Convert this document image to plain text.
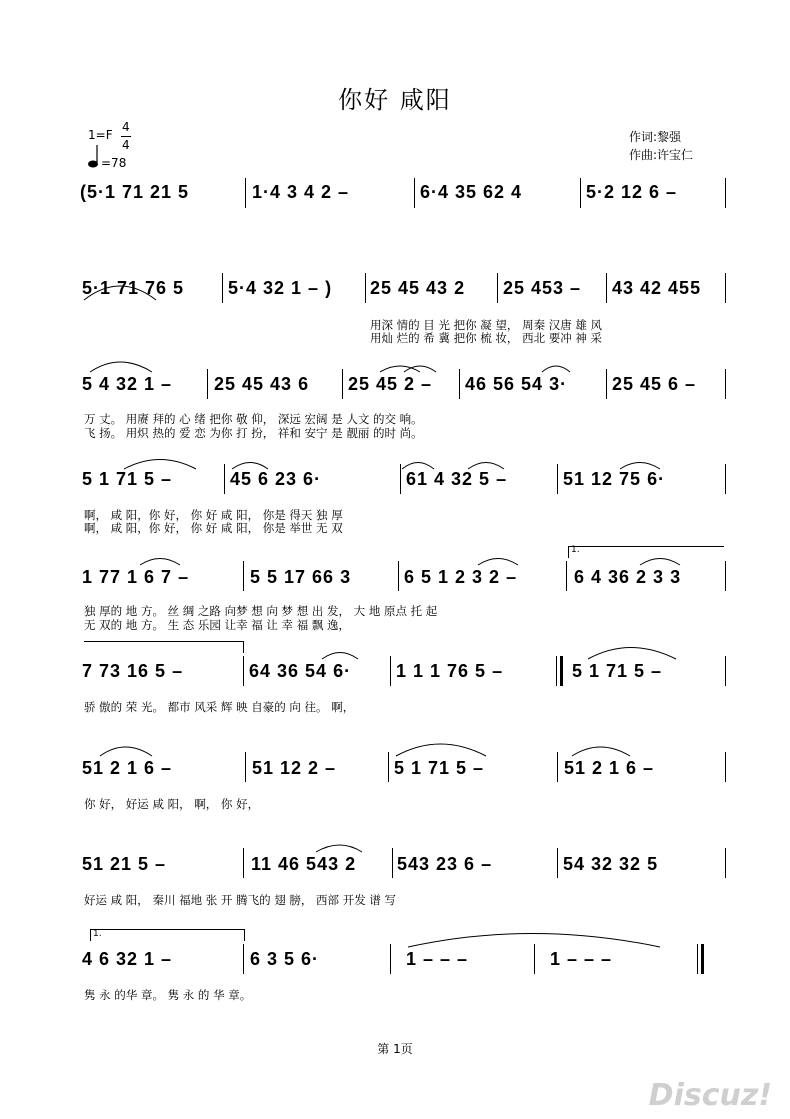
你好 咸阳
1=F
4
4
=78
作词:黎强
作曲:许宝仁
(5·1 71 21 5	1·4 3 4 2 –	6·4 35 62 4	5·2 12 6 –
5·1 71 76 5 5·4 32 1 – ) 25 45 43 2 25 453 – 43 42 455
用深 情的 目 光 把你 凝 望， 周秦 汉唐 雄 风
用灿 烂的 希 冀 把你 梳 妆， 西北 要冲 神 采
5 4 32 1 – 25 45 43 6 25 45 2 – 46 56 54 3· 25 45 6 –
万 丈。 用赓 拜的 心 绪 把你 敬 仰， 深远 宏阔 是 人文 的交 响。
飞 扬。 用炽 热的 爱 恋 为你 打 扮， 祥和 安宁 是 靓丽 的时 尚。
5 1 71 5 –	45 6 23 6·	61 4 32 5 –	51 12 75 6·
啊， 咸 阳，你 好， 你 好 咸 阳， 你是 得天 独 厚
啊， 咸 阳，你 好， 你 好 咸 阳， 你是 举世 无 双
1 77 1 6 7 –	5 5 17 66 3	6 5 1 2 3 2 –	6 4 36 2 3 3
1.
独 厚的 地 方。 丝 绸 之路 向梦 想 向 梦 想 出 发， 大 地 原点 托 起
无 双的 地 方。 生 态 乐园 让幸 福 让 幸 福 飘 逸，
7 73 16 5 –	64 36 54 6· 1 1 1 76 5 –	5 1 71 5 –
骄 傲的 荣 光。 都市 风采 辉 映 自豪的 向 往。 啊，
51 2 1 6 –	51 12 2 –	5 1 71 5 –	51 2 1 6 –
你 好， 好运 咸 阳， 啊， 你 好，
51 21 5 –	11 46 543 2 543 23 6 –	54 32 32 5
好运 咸 阳， 秦川 福地 张 开 腾飞的 翅 膀， 西部 开发 谱 写
1.
4 6 32 1 –	6 3 5 6·	1 – – –	1 – – –
隽 永 的华 章。 隽 永 的 华 章。
第 1页
Discuz!
